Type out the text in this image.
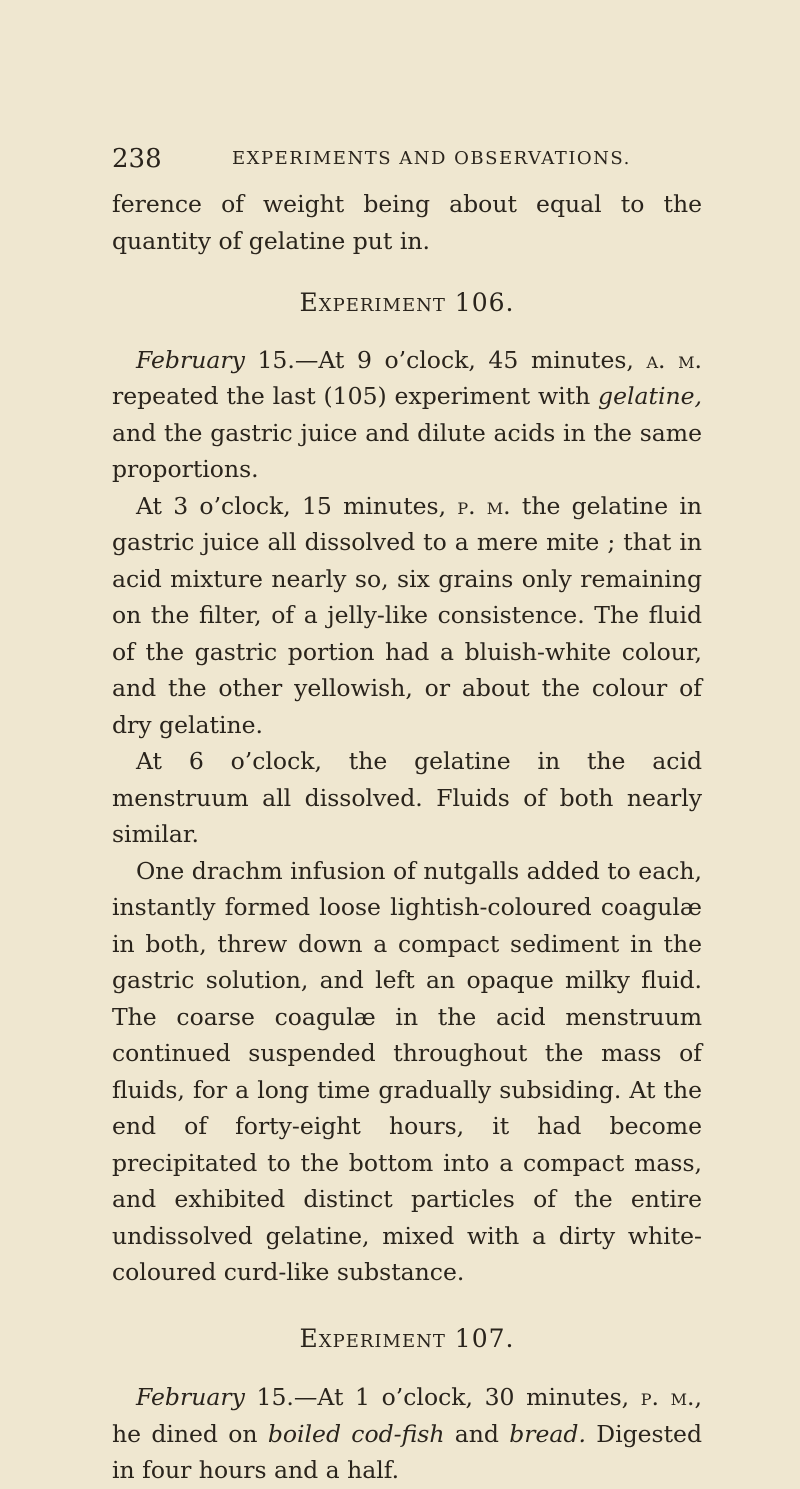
238	EXPERIMENTS AND OBSERVATIONS.

ference of weight being about equal to the quantity of gelatine put in.

Experiment 106.

February 15.—At 9 o’clock, 45 minutes, a. m. repeated the last (105) experiment with gelatine, and the gastric juice and dilute acids in the same proportions.

At 3 o’clock, 15 minutes, p. m. the gelatine in gastric juice all dissolved to a mere mite ; that in acid mixture nearly so, six grains only remaining on the filter, of a jelly-like consistence. The fluid of the gastric portion had a bluish-white colour, and the other yellowish, or about the colour of dry gelatine.

At 6 o’clock, the gelatine in the acid menstruum all dissolved. Fluids of both nearly similar.

One drachm infusion of nutgalls added to each, instantly formed loose lightish-coloured coagulæ in both, threw down a compact sediment in the gastric solution, and left an opaque milky fluid. The coarse coagulæ in the acid menstruum continued suspended throughout the mass of fluids, for a long time gradually subsiding. At the end of forty-eight hours, it had become precipitated to the bottom into a compact mass, and exhibited distinct particles of the entire undissolved gelatine, mixed with a dirty white-coloured curd-like substance.

Experiment 107.

February 15.—At 1 o’clock, 30 minutes, p. m., he dined on boiled cod-fish and bread. Digested in four hours and a half.
